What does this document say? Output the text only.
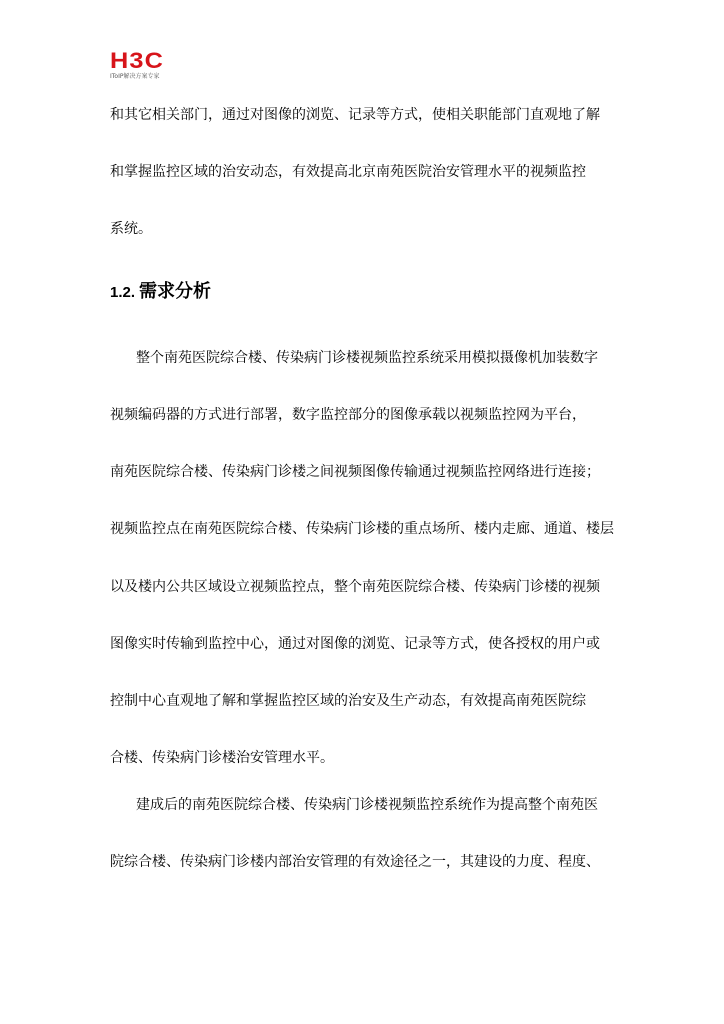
H3C
IToIP解决方案专家
和其它相关部门，通过对图像的浏览、记录等方式，使相关职能部门直观地了解
和掌握监控区域的治安动态，有效提高北京南苑医院治安管理水平的视频监控
系统。
1.2. 需求分析
整个南苑医院综合楼、传染病门诊楼视频监控系统采用模拟摄像机加装数字
视频编码器的方式进行部署，数字监控部分的图像承载以视频监控网为平台，
南苑医院综合楼、传染病门诊楼之间视频图像传输通过视频监控网络进行连接；
视频监控点在南苑医院综合楼、传染病门诊楼的重点场所、楼内走廊、通道、楼层
以及楼内公共区域设立视频监控点，整个南苑医院综合楼、传染病门诊楼的视频
图像实时传输到监控中心，通过对图像的浏览、记录等方式，使各授权的用户或
控制中心直观地了解和掌握监控区域的治安及生产动态，有效提高南苑医院综
合楼、传染病门诊楼治安管理水平。
建成后的南苑医院综合楼、传染病门诊楼视频监控系统作为提高整个南苑医
院综合楼、传染病门诊楼内部治安管理的有效途径之一，其建设的力度、程度、
